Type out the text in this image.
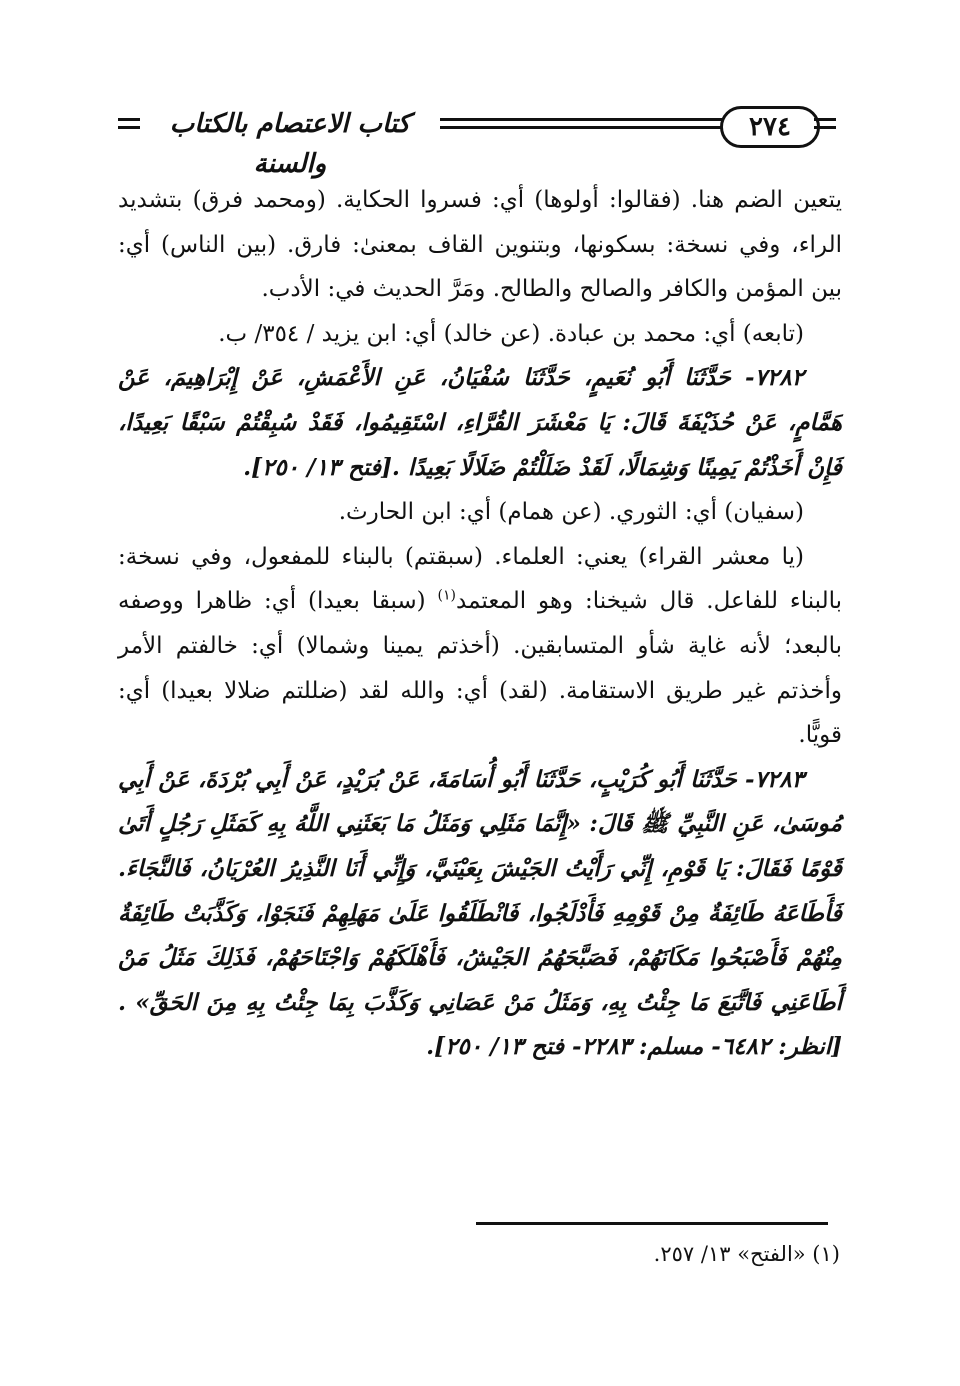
كتاب الاعتصام بالكتاب والسنة
٢٧٤

يتعين الضم هنا. (فقالوا: أولوها) أي: فسروا الحكاية. (ومحمد فرق) بتشديد الراء، وفي نسخة: بسكونها، وبتنوين القاف بمعنىٰ: فارق. (بين الناس) أي: بين المؤمن والكافر والصالح والطالح. ومَرَّ الحديث في: الأدب.

(تابعه) أي: محمد بن عبادة. (عن خالد) أي: ابن يزيد / ٣٥٤/ ب.

٧٢٨٢- حَدَّثَنَا أَبُو نُعَيمٍ، حَدَّثَنَا سُفْيَانُ، عَنِ الأَعْمَشِ، عَنْ إِبْرَاهِيمَ، عَنْ هَمَّامٍ، عَنْ حُذَيْفَةَ قَالَ: يَا مَعْشَرَ القُرَّاءِ، اسْتَقِيمُوا، فَقَدْ سُبِقْتُمْ سَبْقًا بَعِيدًا، فَإِنْ أَخَذْتُمْ يَمِينًا وَشِمَالًا، لَقَدْ ضَلَلْتُمْ ضَلَالًا بَعِيدًا .[فتح ١٣/ ٢٥٠].

(سفيان) أي: الثوري. (عن همام) أي: ابن الحارث.

(يا معشر القراء) يعني: العلماء. (سبقتم) بالبناء للمفعول، وفي نسخة: بالبناء للفاعل. قال شيخنا: وهو المعتمد$^{(١)}$ (سبقا بعيدا) أي: ظاهرا ووصفه بالبعد؛ لأنه غاية شأو المتسابقين. (أخذتم يمينا وشمالا) أي: خالفتم الأمر وأخذتم غير طريق الاستقامة. (لقد) أي: والله لقد (ضللتم ضلالا بعيدا) أي: قويًّا.

٧٢٨٣- حَدَّثَنَا أَبُو كُرَيْبٍ، حَدَّثَنَا أَبُو أُسَامَةَ، عَنْ بُرَيْدٍ، عَنْ أَبِي بُرْدَةَ، عَنْ أَبِي مُوسَىٰ، عَنِ النَّبِيِّ ﷺ قَالَ: «إِنَّمَا مَثَلِي وَمَثَلُ مَا بَعَثَنِي اللَّهُ بِهِ كَمَثَلِ رَجُلٍ أَتَىٰ قَوْمًا فَقَالَ: يَا قَوْمِ، إِنِّي رَأَيْتُ الجَيْشَ بِعَيْنَيَّ، وَإِنِّي أَنَا النَّذِيرُ العُرْيَانُ، فَالنَّجَاءَ. فَأَطَاعَهُ طَائِفَةٌ مِنْ قَوْمِهِ فَأَدْلَجُوا، فَانْطَلَقُوا عَلَىٰ مَهَلِهِمْ فَنَجَوْا، وَكَذَّبَتْ طَائِفَةٌ مِنْهُمْ فَأَصْبَحُوا مَكَانَهُمْ، فَصَبَّحَهُمُ الجَيْشُ، فَأَهْلَكَهُمْ وَاجْتَاحَهُمْ، فَذَلِكَ مَثَلُ مَنْ أَطَاعَنِي فَاتَّبَعَ مَا جِئْتُ بِهِ، وَمَثَلُ مَنْ عَصَانِي وَكَذَّبَ بِمَا جِئْتُ بِهِ مِنَ الحَقِّ» .[انظر: ٦٤٨٢- مسلم: ٢٢٨٣- فتح ١٣/ ٢٥٠].

(١) «الفتح» ١٣/ ٢٥٧.
